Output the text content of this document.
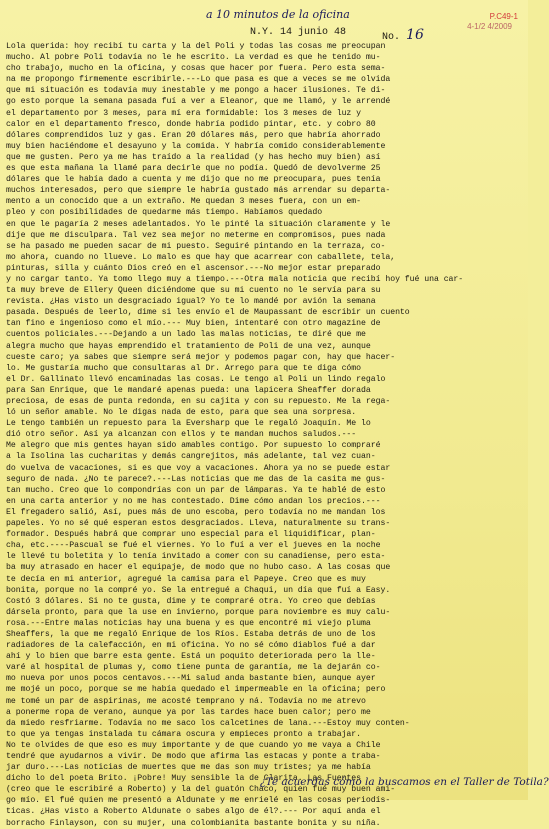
a 10 minutos de la oficina	P.C49-1
4-1/2 4/2009
N.Y. 14 junio 48	No. 16
Lola querida: hoy recibí tu carta y la del Poli y todas las cosas me preocupan
mucho. Al pobre Poli todavía no le he escrito. La verdad es que he tenido mu-
cho trabajo, mucho en la oficina, y cosas que hacer por fuera. Pero esta sema-
na me propongo firmemente escribirle.---Lo que pasa es que a veces se me olvida
que mi situación es todavía muy inestable y me pongo a hacer ilusiones. Te di-
go esto porque la semana pasada fuí a ver a Eleanor, que me llamó, y le arrendé
el departamento por 3 meses, para mí era formidable: los 3 meses de luz y
calor en el departamento fresco, donde habría podido pintar, etc. y cobro 80
dólares comprendidos luz y gas. Eran 20 dólares más, pero que habría ahorrado
muy bien haciéndome el desayuno y la comida. Y habría comido considerablemente
que me gusten. Pero ya me has traído a la realidad (y has hecho muy bien) así
es que esta mañana la llamé para decirle que no podía. Quedó de devolverme 25
dólares que le había dado a cuenta y me dijo que no me preocupara, pues tenía
muchos interesados, pero que siempre le habría gustado más arrendar su departa-
mento a un conocido que a un extraño. Me quedan 3 meses fuera, con un em-
pleo y con posibilidades de quedarme más tiempo. Habíamos quedado
en que le pagaría 2 meses adelantados. Yo le pinté la situación claramente y le
dije que me disculpara. Tal vez sea mejor no meterme en compromisos, pues nada
se ha pasado me pueden sacar de mi puesto. Seguiré pintando en la terraza, co-
mo ahora, cuando no llueve. Lo malo es que hay que acarrear con caballete, tela,
pinturas, silla y cuánto Dios creó en el ascensor.---No mejor estar preparado
y no cargar tanto. Ya tomo llego muy a tiempo.---Otra mala noticia que recibí hoy fué una car-
ta muy breve de Ellery Queen diciéndome que su mi cuento no le servía para su
revista. ¿Has visto un desgraciado igual? Yo te lo mandé por avión la semana
pasada. Después de leerlo, dime si les envío el de Maupassant de escribir un cuento
tan fino e ingenioso como el mío.--- Muy bien, intentaré con otro magazine de
cuentos policiales.---Dejando a un lado las malas noticias, te diré que me
alegra mucho que hayas emprendido el tratamiento de Poli de una vez, aunque
cueste caro; ya sabes que siempre será mejor y podemos pagar con, hay que hacer-
lo. Me gustaría mucho que consultaras al Dr. Arrego para que te diga cómo
el Dr. Gallinato llevó encaminadas las cosas. Le tengo al Poli un lindo regalo
para San Enrique, que le mandaré apenas pueda: una lapicera Sheaffer dorada
preciosa, de esas de punta redonda, en su cajita y con su repuesto. Me la rega-
ló un señor amable. No le digas nada de esto, para que sea una sorpresa.
Le tengo también un repuesto para la Eversharp que le regaló Joaquín. Me lo
dió otro señor. Así ya alcanzan con ellos y te mandan muchos saludos.---
Me alegro que mis gentes hayan sido amables contigo. Por supuesto lo compraré
a la Isolina las cucharitas y demás cangrejitos, más adelante, tal vez cuan-
do vuelva de vacaciones, si es que voy a vacaciones. Ahora ya no se puede estar
seguro de nada. ¿No te parece?.---Las noticias que me das de la casita me gus-
tan mucho. Creo que lo compondrías con un par de lámparas. Ya te hablé de esto
en una carta anterior y no me has contestado. Dime cómo andan los precios.---
El fregadero salió, Así, pues más de uno escoba, pero todavía no me mandan los
papeles. Yo no sé qué esperan estos desgraciados. Lleva, naturalmente su trans-
formador. Después habrá que comprar uno especial para el liquidificar, plan-
cha, etc.----Pascual se fué el viernes. Yo lo fuí a ver el jueves en la noche
le llevé tu boletita y lo tenía invitado a comer con su canadiense, pero esta-
ba muy atrasado en hacer el equipaje, de modo que no hubo caso. A las cosas que
te decía en mi anterior, agregué la camisa para el Papeye. Creo que es muy
bonita, porque no la compré yo. Se la entregué a Chaqui, un día que fuí a Easy.
Costó 3 dólares. Si no te gusta, dime y te compraré otra. Yo creo que debías
dársela pronto, para que la use en invierno, porque para noviembre es muy calu-
rosa.---Entre malas noticias hay una buena y es que encontré mi viejo pluma
Sheaffers, la que me regaló Enrique de los Ríos. Estaba detrás de uno de los
radiadores de la calefacción, en mi oficina. Yo no sé cómo diablos fué a dar
ahí y lo bien que barre esta gente. Está un poquito deteriorada pero la lle-
varé al hospital de plumas y, como tiene punta de garantía, me la dejarán co-
mo nueva por unos pocos centavos.---Mi salud anda bastante bien, aunque ayer
me mojé un poco, porque se me había quedado el impermeable en la oficina; pero
me tomé un par de aspirinas, me acosté temprano y ná. Todavía no me atrevo
a ponerme ropa de verano, aunque ya por las tardes hace buen calor; pero me
da miedo resfriarme. Todavía no me saco los calcetines de lana.---Estoy muy conten-
to que ya tengas instalada tu cámara oscura y empieces pronto a trabajar.
No te olvides de que eso es muy importante y de que cuando yo me vaya a Chile
tendré que ayudarnos a vivir. De modo que afirma las estacas y ponte a traba-
jar duro.---Las noticias de muertes que me das son muy tristes; ya me había
dicho lo del poeta Brito. ¡Pobre! Muy sensible la de Clarita. Las Fuentes
(creo que le escribiré a Roberto) y la del guatón Chaco, quien fué muy buen ami-
go mío. El fué quien me presentó a Aldunate y me enrielé en las cosas periodís-
ticas. ¿Has visto a Roberto Aldunate o sabes algo de él?.--- Por aquí anda el
borracho Finlayson, con su mujer, una colombianita bastante bonita y su niña.
¿Te acuerdas cómo la buscamos en el Taller de Totila?
